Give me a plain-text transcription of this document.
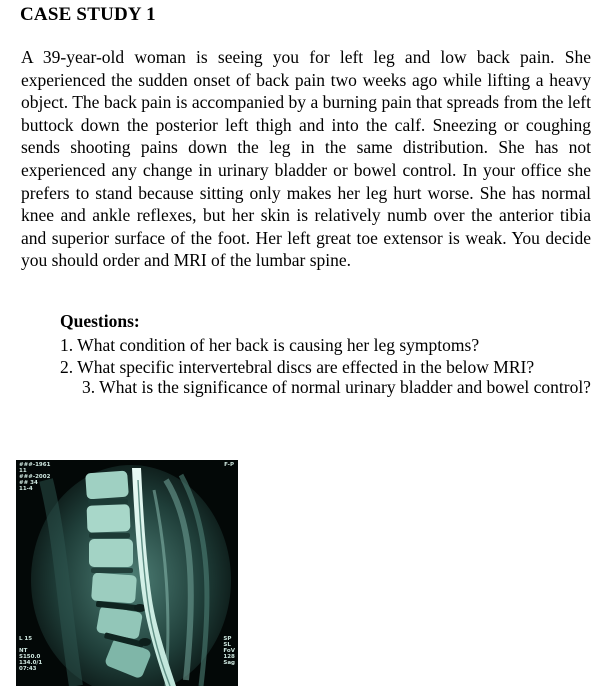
CASE STUDY 1

A 39-year-old woman is seeing you for left leg and low back pain. She experienced the sudden onset of back pain two weeks ago while lifting a heavy object. The back pain is accompanied by a burning pain that spreads from the left buttock down the posterior left thigh and into the calf. Sneezing or coughing sends shooting pains down the leg in the same distribution. She has not experienced any change in urinary bladder or bowel control. In your office she prefers to stand because sitting only makes her leg hurt worse. She has normal knee and ankle reflexes, but her skin is relatively numb over the anterior tibia and superior surface of the foot. Her left great toe extensor is weak. You decide you should order and MRI of the lumbar spine.

Questions:

1. What condition of her back is causing her leg symptoms?

2. What specific intervertebral discs are effected in the below MRI?

3. What is the significance of normal urinary bladder and bowel control?

###-1961
11
###-2002
## 34
11-4
F-P
L 15

NT
S150.0
134.0/1
07:43
SP
SL
FoV
128
Sag
